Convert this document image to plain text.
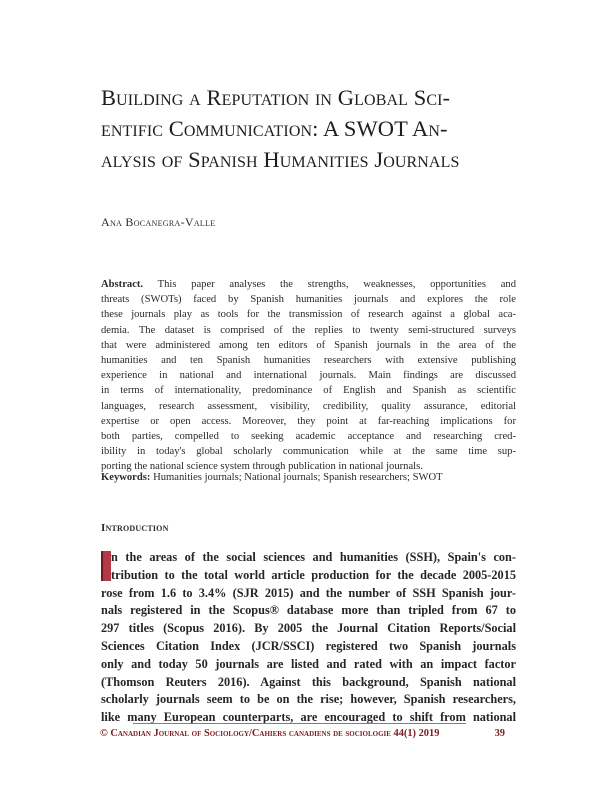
Building a Reputation in Global Sci-
entific Communication: A SWOT An-
alysis of Spanish Humanities Journals
Ana Bocanegra-Valle
Abstract. This paper analyses the strengths, weaknesses, opportunities and
threats (SWOTs) faced by Spanish humanities journals and explores the role
these journals play as tools for the transmission of research against a global aca-
demia. The dataset is comprised of the replies to twenty semi-structured surveys
that were administered among ten editors of Spanish journals in the area of the
humanities and ten Spanish humanities researchers with extensive publishing
experience in national and international journals. Main findings are discussed
in terms of internationality, predominance of English and Spanish as scientific
languages, research assessment, visibility, credibility, quality assurance, editorial
expertise or open access. Moreover, they point at far-reaching implications for
both parties, compelled to seeking academic acceptance and researching cred-
ibility in today's global scholarly communication while at the same time sup-
porting the national science system through publication in national journals.
Keywords: Humanities journals; National journals; Spanish researchers; SWOT
Introduction
n the areas of the social sciences and humanities (SSH), Spain's con-
tribution to the total world article production for the decade 2005-2015
rose from 1.6 to 3.4% (SJR 2015) and the number of SSH Spanish jour-
nals registered in the Scopus® database more than tripled from 67 to
297 titles (Scopus 2016). By 2005 the Journal Citation Reports/Social
Sciences Citation Index (JCR/SSCI) registered two Spanish journals
only and today 50 journals are listed and rated with an impact factor
(Thomson Reuters 2016). Against this background, Spanish national
scholarly journals seem to be on the rise; however, Spanish researchers,
like many European counterparts, are encouraged to shift from national
© Canadian Journal of Sociology/Cahiers canadiens de sociologie 44(1) 2019	39
